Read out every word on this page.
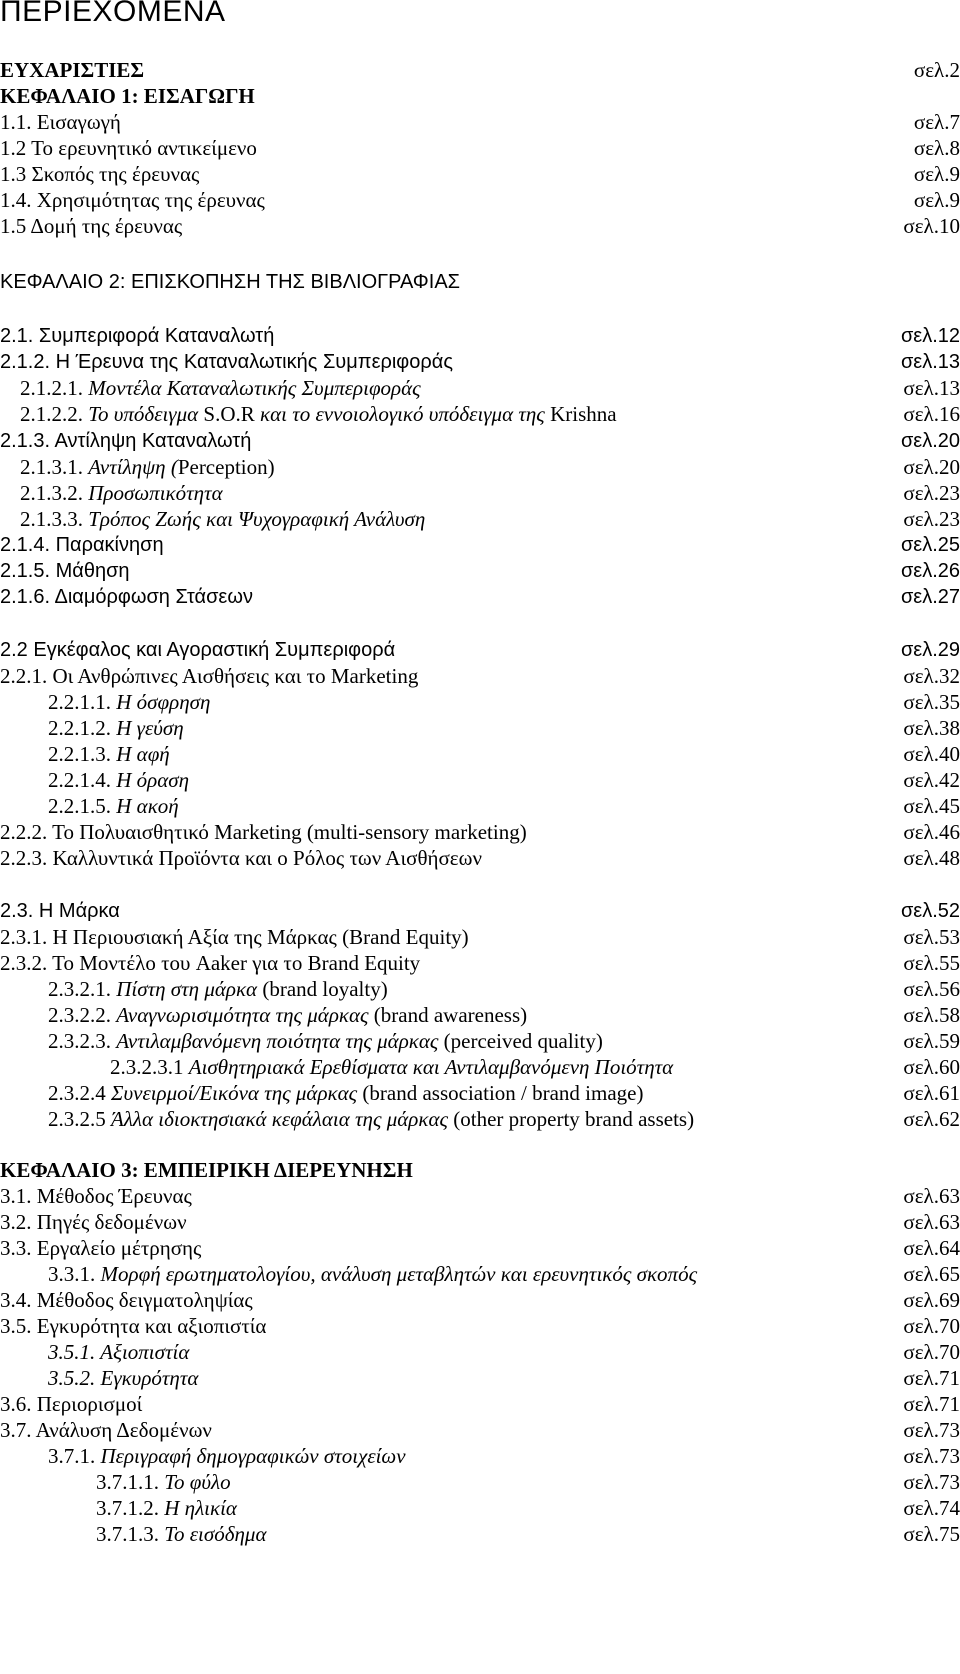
ΠΕΡΙΕΧΟΜΕΝΑ
ΕΥΧΑΡΙΣΤΙΕΣ	σελ.2
ΚΕΦΑΛΑΙΟ 1: ΕΙΣΑΓΩΓΗ
1.1. Εισαγωγή	σελ.7
1.2 Το ερευνητικό αντικείμενο	σελ.8
1.3 Σκοπός της έρευνας	σελ.9
1.4. Χρησιμότητας της έρευνας	σελ.9
1.5 Δομή της έρευνας	σελ.10
ΚΕΦΑΛΑΙΟ 2: ΕΠΙΣΚΟΠΗΣΗ ΤΗΣ ΒΙΒΛΙΟΓΡΑΦΙΑΣ
2.1. Συμπεριφορά Καταναλωτή	σελ.12
2.1.2. Η Έρευνα της Καταναλωτικής Συμπεριφοράς	σελ.13
2.1.2.1. Μοντέλα Καταναλωτικής Συμπεριφοράς	σελ.13
2.1.2.2. Το υπόδειγμα S.O.R και το εννοιολογικό υπόδειγμα της Krishna	σελ.16
2.1.3. Αντίληψη Καταναλωτή	σελ.20
2.1.3.1. Αντίληψη (Perception)	σελ.20
2.1.3.2. Προσωπικότητα	σελ.23
2.1.3.3. Τρόπος Ζωής και Ψυχογραφική Ανάλυση	σελ.23
2.1.4. Παρακίνηση	σελ.25
2.1.5. Μάθηση	σελ.26
2.1.6. Διαμόρφωση Στάσεων	σελ.27
2.2 Εγκέφαλος και Αγοραστική Συμπεριφορά	σελ.29
2.2.1. Οι Ανθρώπινες Αισθήσεις και το Marketing	σελ.32
2.2.1.1. Η όσφρηση	σελ.35
2.2.1.2. Η γεύση	σελ.38
2.2.1.3. Η αφή	σελ.40
2.2.1.4. Η όραση	σελ.42
2.2.1.5. Η ακοή	σελ.45
2.2.2. Το Πολυαισθητικό Marketing (multi-sensory marketing)	σελ.46
2.2.3. Καλλυντικά Προϊόντα και ο Ρόλος των Αισθήσεων	σελ.48
2.3. Η Μάρκα	σελ.52
2.3.1. Η Περιουσιακή Αξία της Μάρκας (Brand Equity)	σελ.53
2.3.2. Το Μοντέλο του Aaker για το Brand Equity	σελ.55
2.3.2.1. Πίστη στη μάρκα (brand loyalty)	σελ.56
2.3.2.2. Αναγνωρισιμότητα της μάρκας (brand awareness)	σελ.58
2.3.2.3. Αντιλαμβανόμενη ποιότητα της μάρκας (perceived quality)	σελ.59
2.3.2.3.1 Αισθητηριακά Ερεθίσματα και Αντιλαμβανόμενη Ποιότητα	σελ.60
2.3.2.4 Συνειρμοί/Εικόνα της μάρκας (brand association / brand image)	σελ.61
2.3.2.5 Άλλα ιδιοκτησιακά κεφάλαια της μάρκας (other property brand assets)	σελ.62
ΚΕΦΑΛΑΙΟ 3: ΕΜΠΕΙΡΙΚΗ ΔΙΕΡΕΥΝΗΣΗ
3.1. Μέθοδος Έρευνας	σελ.63
3.2. Πηγές δεδομένων	σελ.63
3.3. Εργαλείο μέτρησης	σελ.64
3.3.1. Μορφή ερωτηματολογίου, ανάλυση μεταβλητών και ερευνητικός σκοπός	σελ.65
3.4. Μέθοδος δειγματοληψίας	σελ.69
3.5. Εγκυρότητα και αξιοπιστία	σελ.70
3.5.1. Αξιοπιστία	σελ.70
3.5.2. Εγκυρότητα	σελ.71
3.6. Περιορισμοί	σελ.71
3.7. Ανάλυση Δεδομένων	σελ.73
3.7.1. Περιγραφή δημογραφικών στοιχείων	σελ.73
3.7.1.1. Το φύλο	σελ.73
3.7.1.2. Η ηλικία	σελ.74
3.7.1.3. Το εισόδημα	σελ.75
